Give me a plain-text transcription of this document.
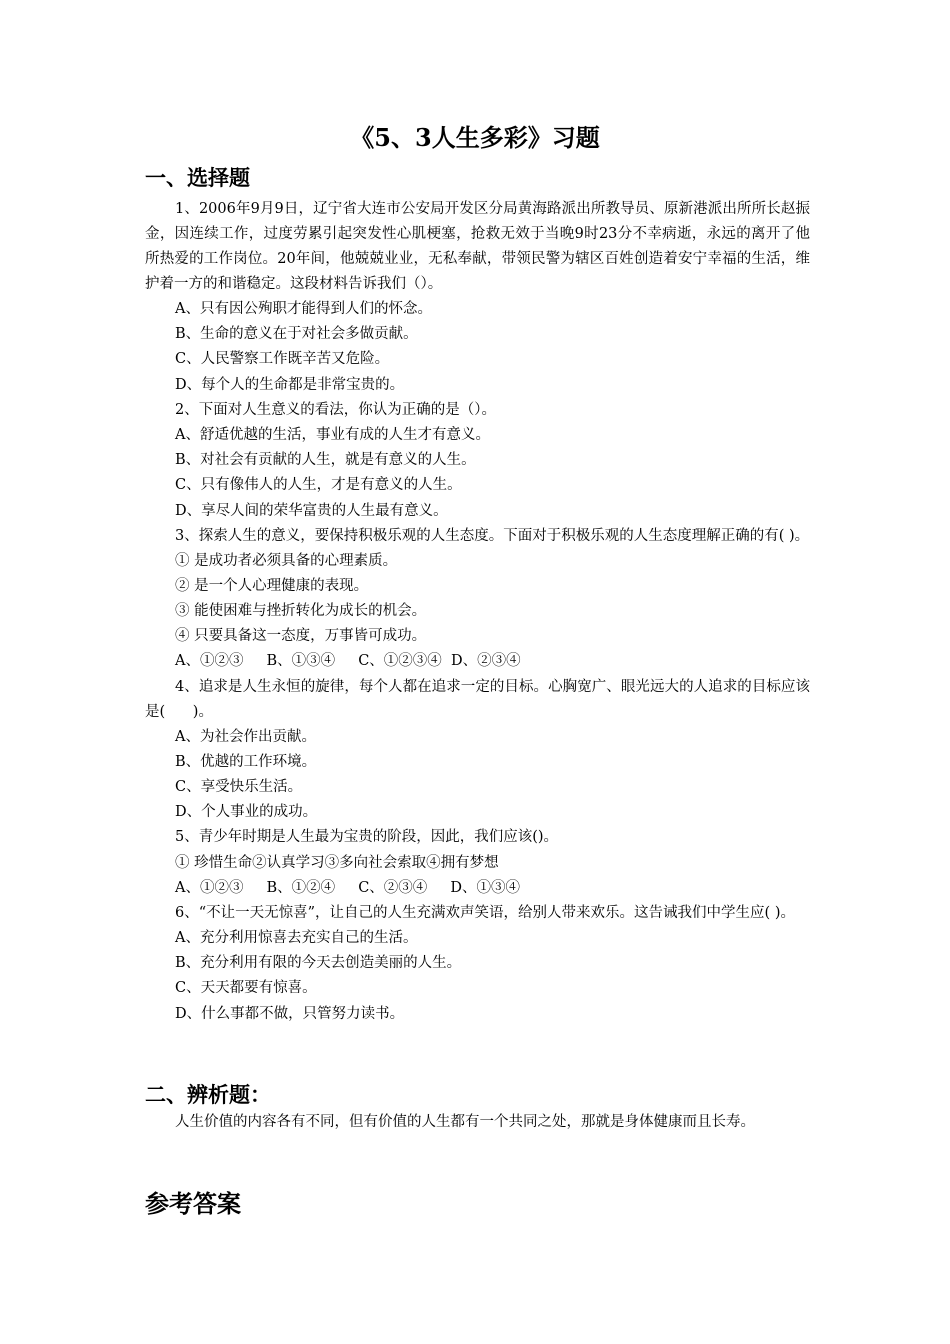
《5、3人生多彩》习题
一、选择题

1、2006年9月9日，辽宁省大连市公安局开发区分局黄海路派出所教导员、原新港派出所所长赵振金，因连续工作，过度劳累引起突发性心肌梗塞，抢救无效于当晚9时23分不幸病逝，永远的离开了他所热爱的工作岗位。20年间，他兢兢业业，无私奉献，带领民警为辖区百姓创造着安宁幸福的生活，维护着一方的和谐稳定。这段材料告诉我们（）。

A、只有因公殉职才能得到人们的怀念。
B、生命的意义在于对社会多做贡献。
C、人民警察工作既辛苦又危险。
D、每个人的生命都是非常宝贵的。
2、下面对人生意义的看法，你认为正确的是（）。
A、舒适优越的生活，事业有成的人生才有意义。
B、对社会有贡献的人生，就是有意义的人生。
C、只有像伟人的人生，才是有意义的人生。
D、享尽人间的荣华富贵的人生最有意义。

3、探索人生的意义，要保持积极乐观的人生态度。下面对于积极乐观的人生态度理解正确的有( )。

① 是成功者必须具备的心理素质。
② 是一个人心理健康的表现。
③ 能使困难与挫折转化为成长的机会。
④ 只要具备这一态度，万事皆可成功。
A、①②③     B、①③④     C、①②③④  D、②③④

4、追求是人生永恒的旋律，每个人都在追求一定的目标。心胸宽广、眼光远大的人追求的目标应该是(      )。

A、为社会作出贡献。
B、优越的工作环境。
C、享受快乐生活。
D、个人事业的成功。
5、青少年时期是人生最为宝贵的阶段，因此，我们应该()。
① 珍惜生命②认真学习③多向社会索取④拥有梦想
A、①②③     B、①②④     C、②③④     D、①③④

6、“不让一天无惊喜”，让自己的人生充满欢声笑语，给别人带来欢乐。这告诫我们中学生应( )。

A、充分利用惊喜去充实自己的生活。
B、充分利用有限的今天去创造美丽的人生。
C、天天都要有惊喜。
D、什么事都不做，只管努力读书。
二、辨析题：

人生价值的内容各有不同，但有价值的人生都有一个共同之处，那就是身体健康而且长寿。

参考答案
